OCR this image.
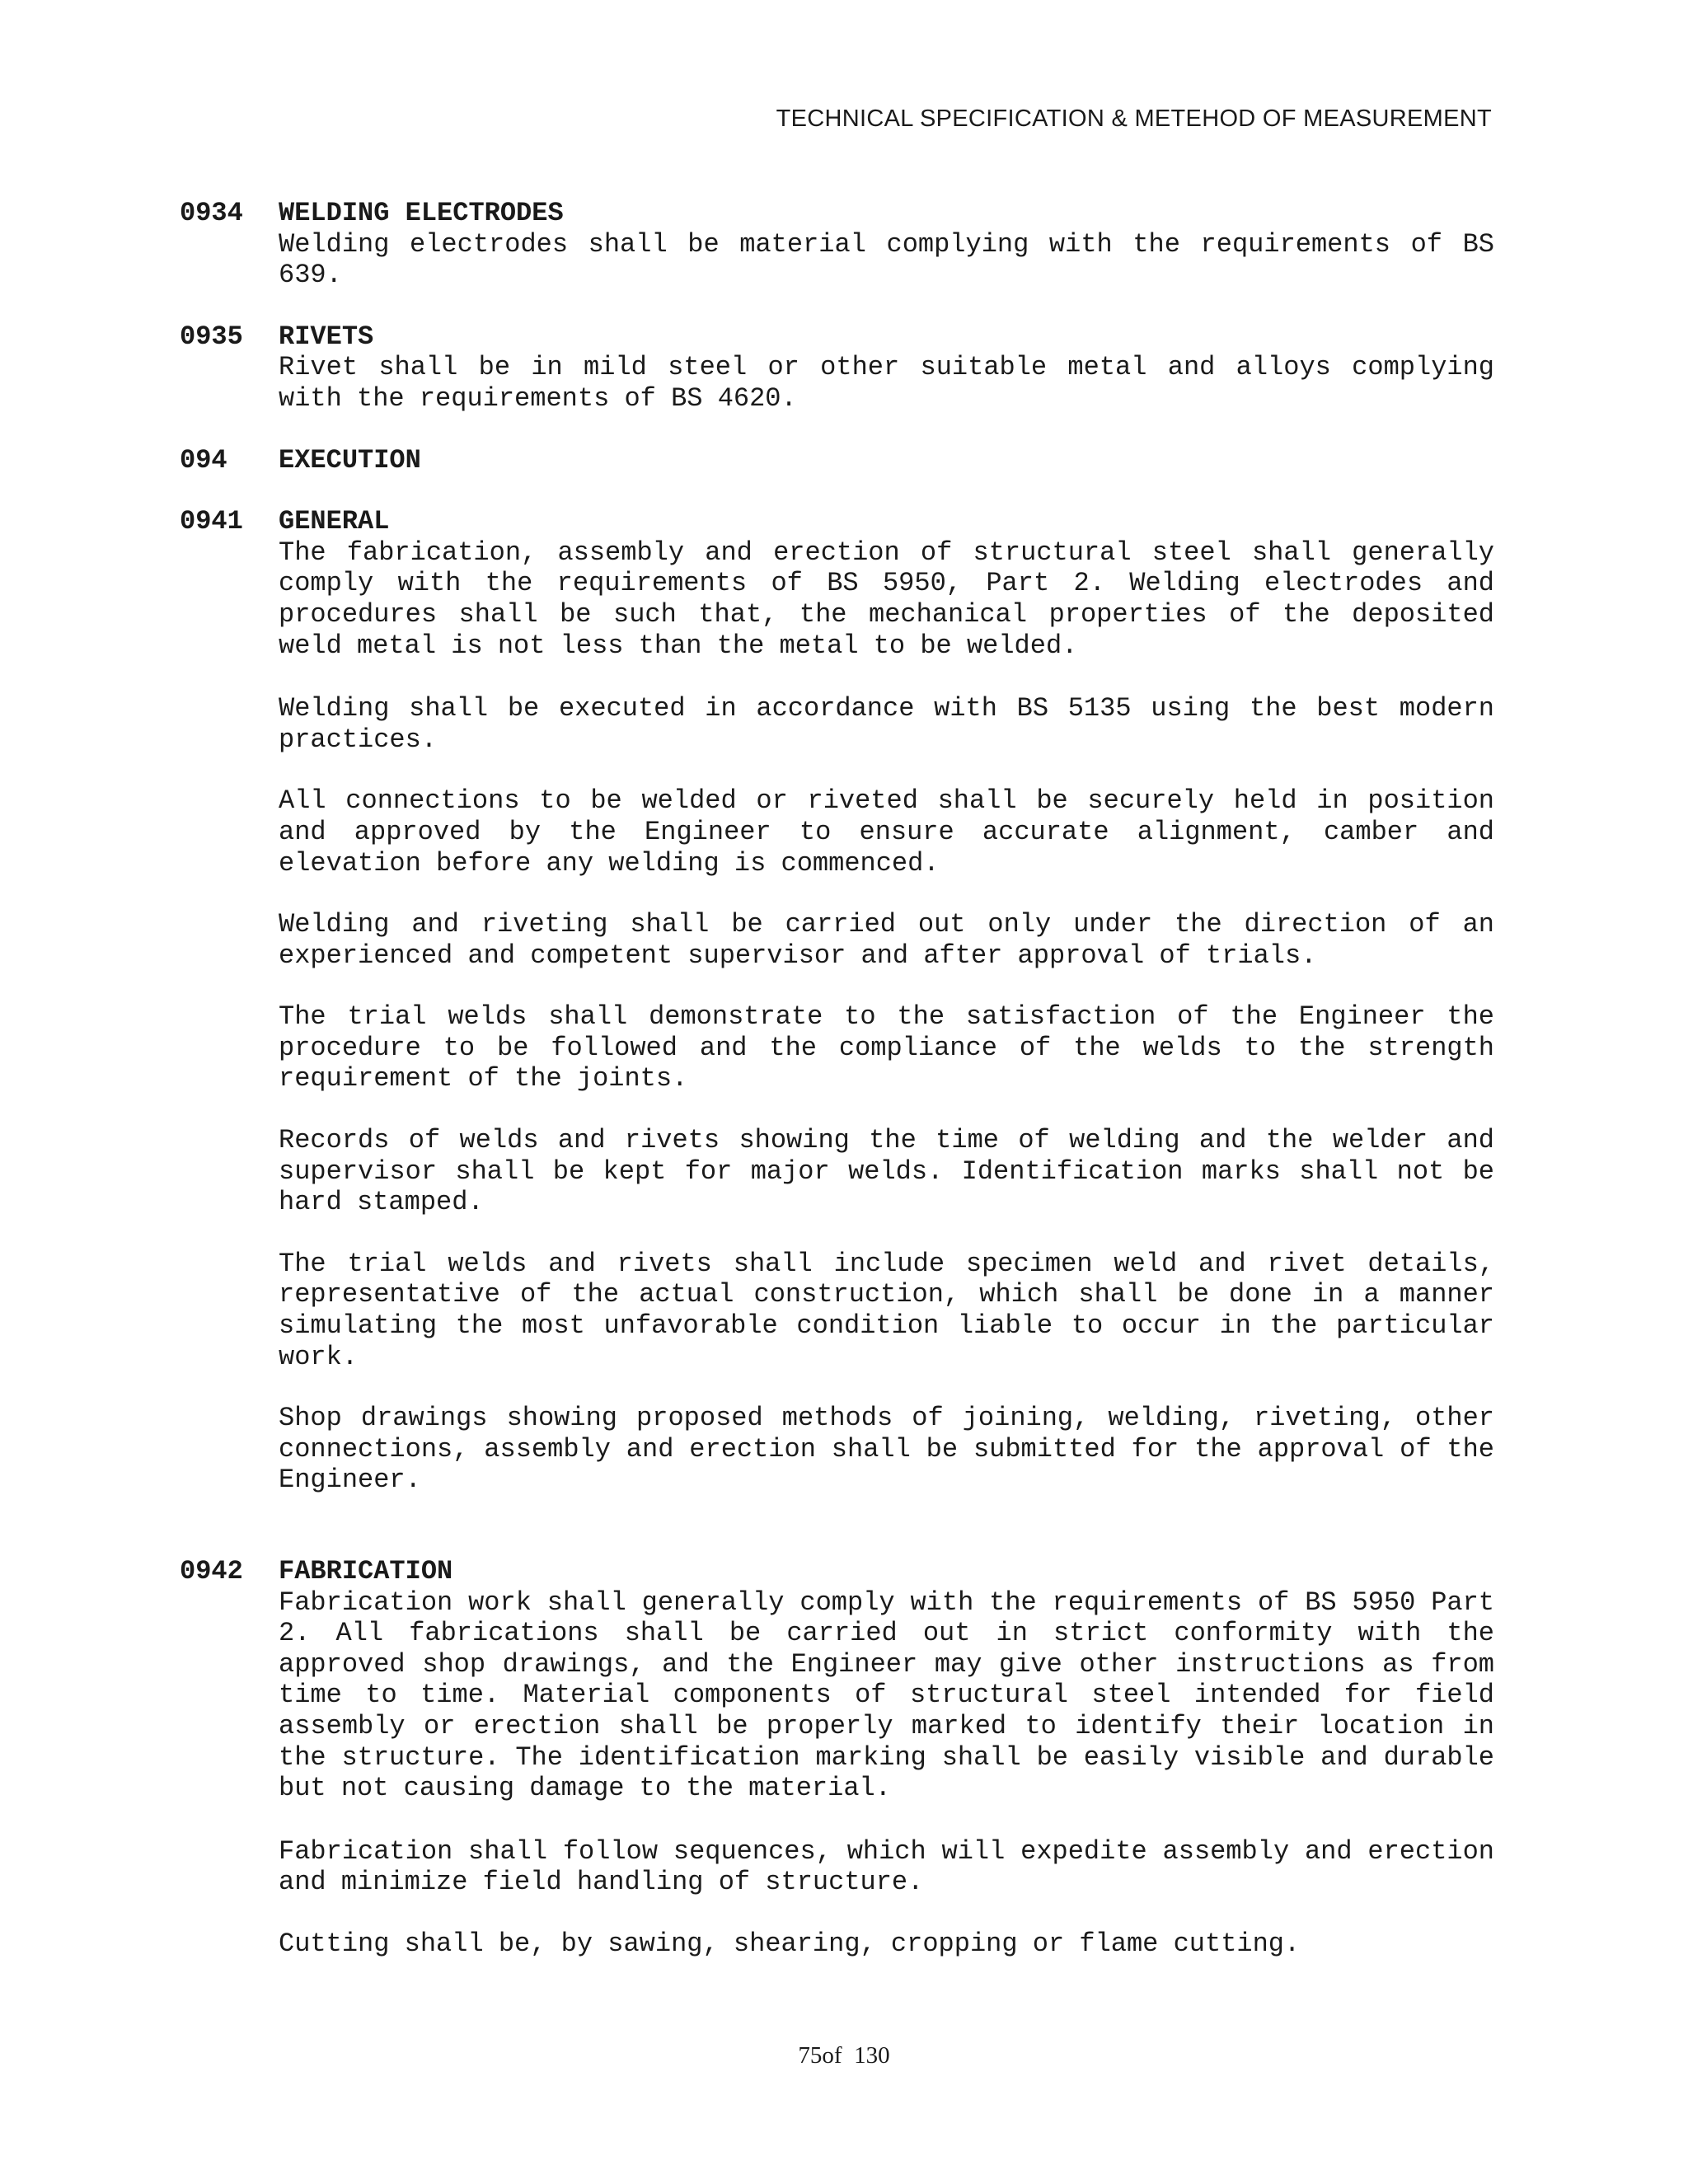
TECHNICAL SPECIFICATION & METEHOD OF MEASUREMENT
0934	WELDING ELECTRODES

Welding electrodes shall be material complying with the requirements of BS 639.

0935	RIVETS

Rivet shall be in mild steel or other suitable metal and alloys complying with the requirements of BS 4620.

094	EXECUTION
0941	GENERAL

The fabrication, assembly and erection of structural steel shall generally comply with the requirements of BS 5950, Part 2. Welding electrodes and procedures shall be such that, the mechanical properties of the deposited weld metal is not less than the metal to be welded.

Welding shall be executed in accordance with BS 5135 using the best modern practices.

All connections to be welded or riveted shall be securely held in position and approved by the Engineer to ensure accurate alignment, camber and elevation before any welding is commenced.

Welding and riveting shall be carried out only under the direction of an experienced and competent supervisor and after approval of trials.

The trial welds shall demonstrate to the satisfaction of the Engineer the procedure to be followed and the compliance of the welds to the strength requirement of the joints.

Records of welds and rivets showing the time of welding and the welder and supervisor shall be kept for major welds. Identification marks shall not be hard stamped.

The trial welds and rivets shall include specimen weld and rivet details, representative of the actual construction, which shall be done in a manner simulating the most unfavorable condition liable to occur in the particular work.

Shop drawings showing proposed methods of joining, welding, riveting, other connections, assembly and erection shall be submitted for the approval of the Engineer.

0942	FABRICATION

Fabrication work shall generally comply with the requirements of BS 5950 Part 2. All fabrications shall be carried out in strict conformity with the approved shop drawings, and the Engineer may give other instructions as from time to time. Material components of structural steel intended for field assembly or erection shall be properly marked to identify their location in the structure. The identification marking shall be easily visible and durable but not causing damage to the material.

Fabrication shall follow sequences, which will expedite assembly and erection and minimize field handling of structure.

Cutting shall be, by sawing, shearing, cropping or flame cutting.

75of 130
